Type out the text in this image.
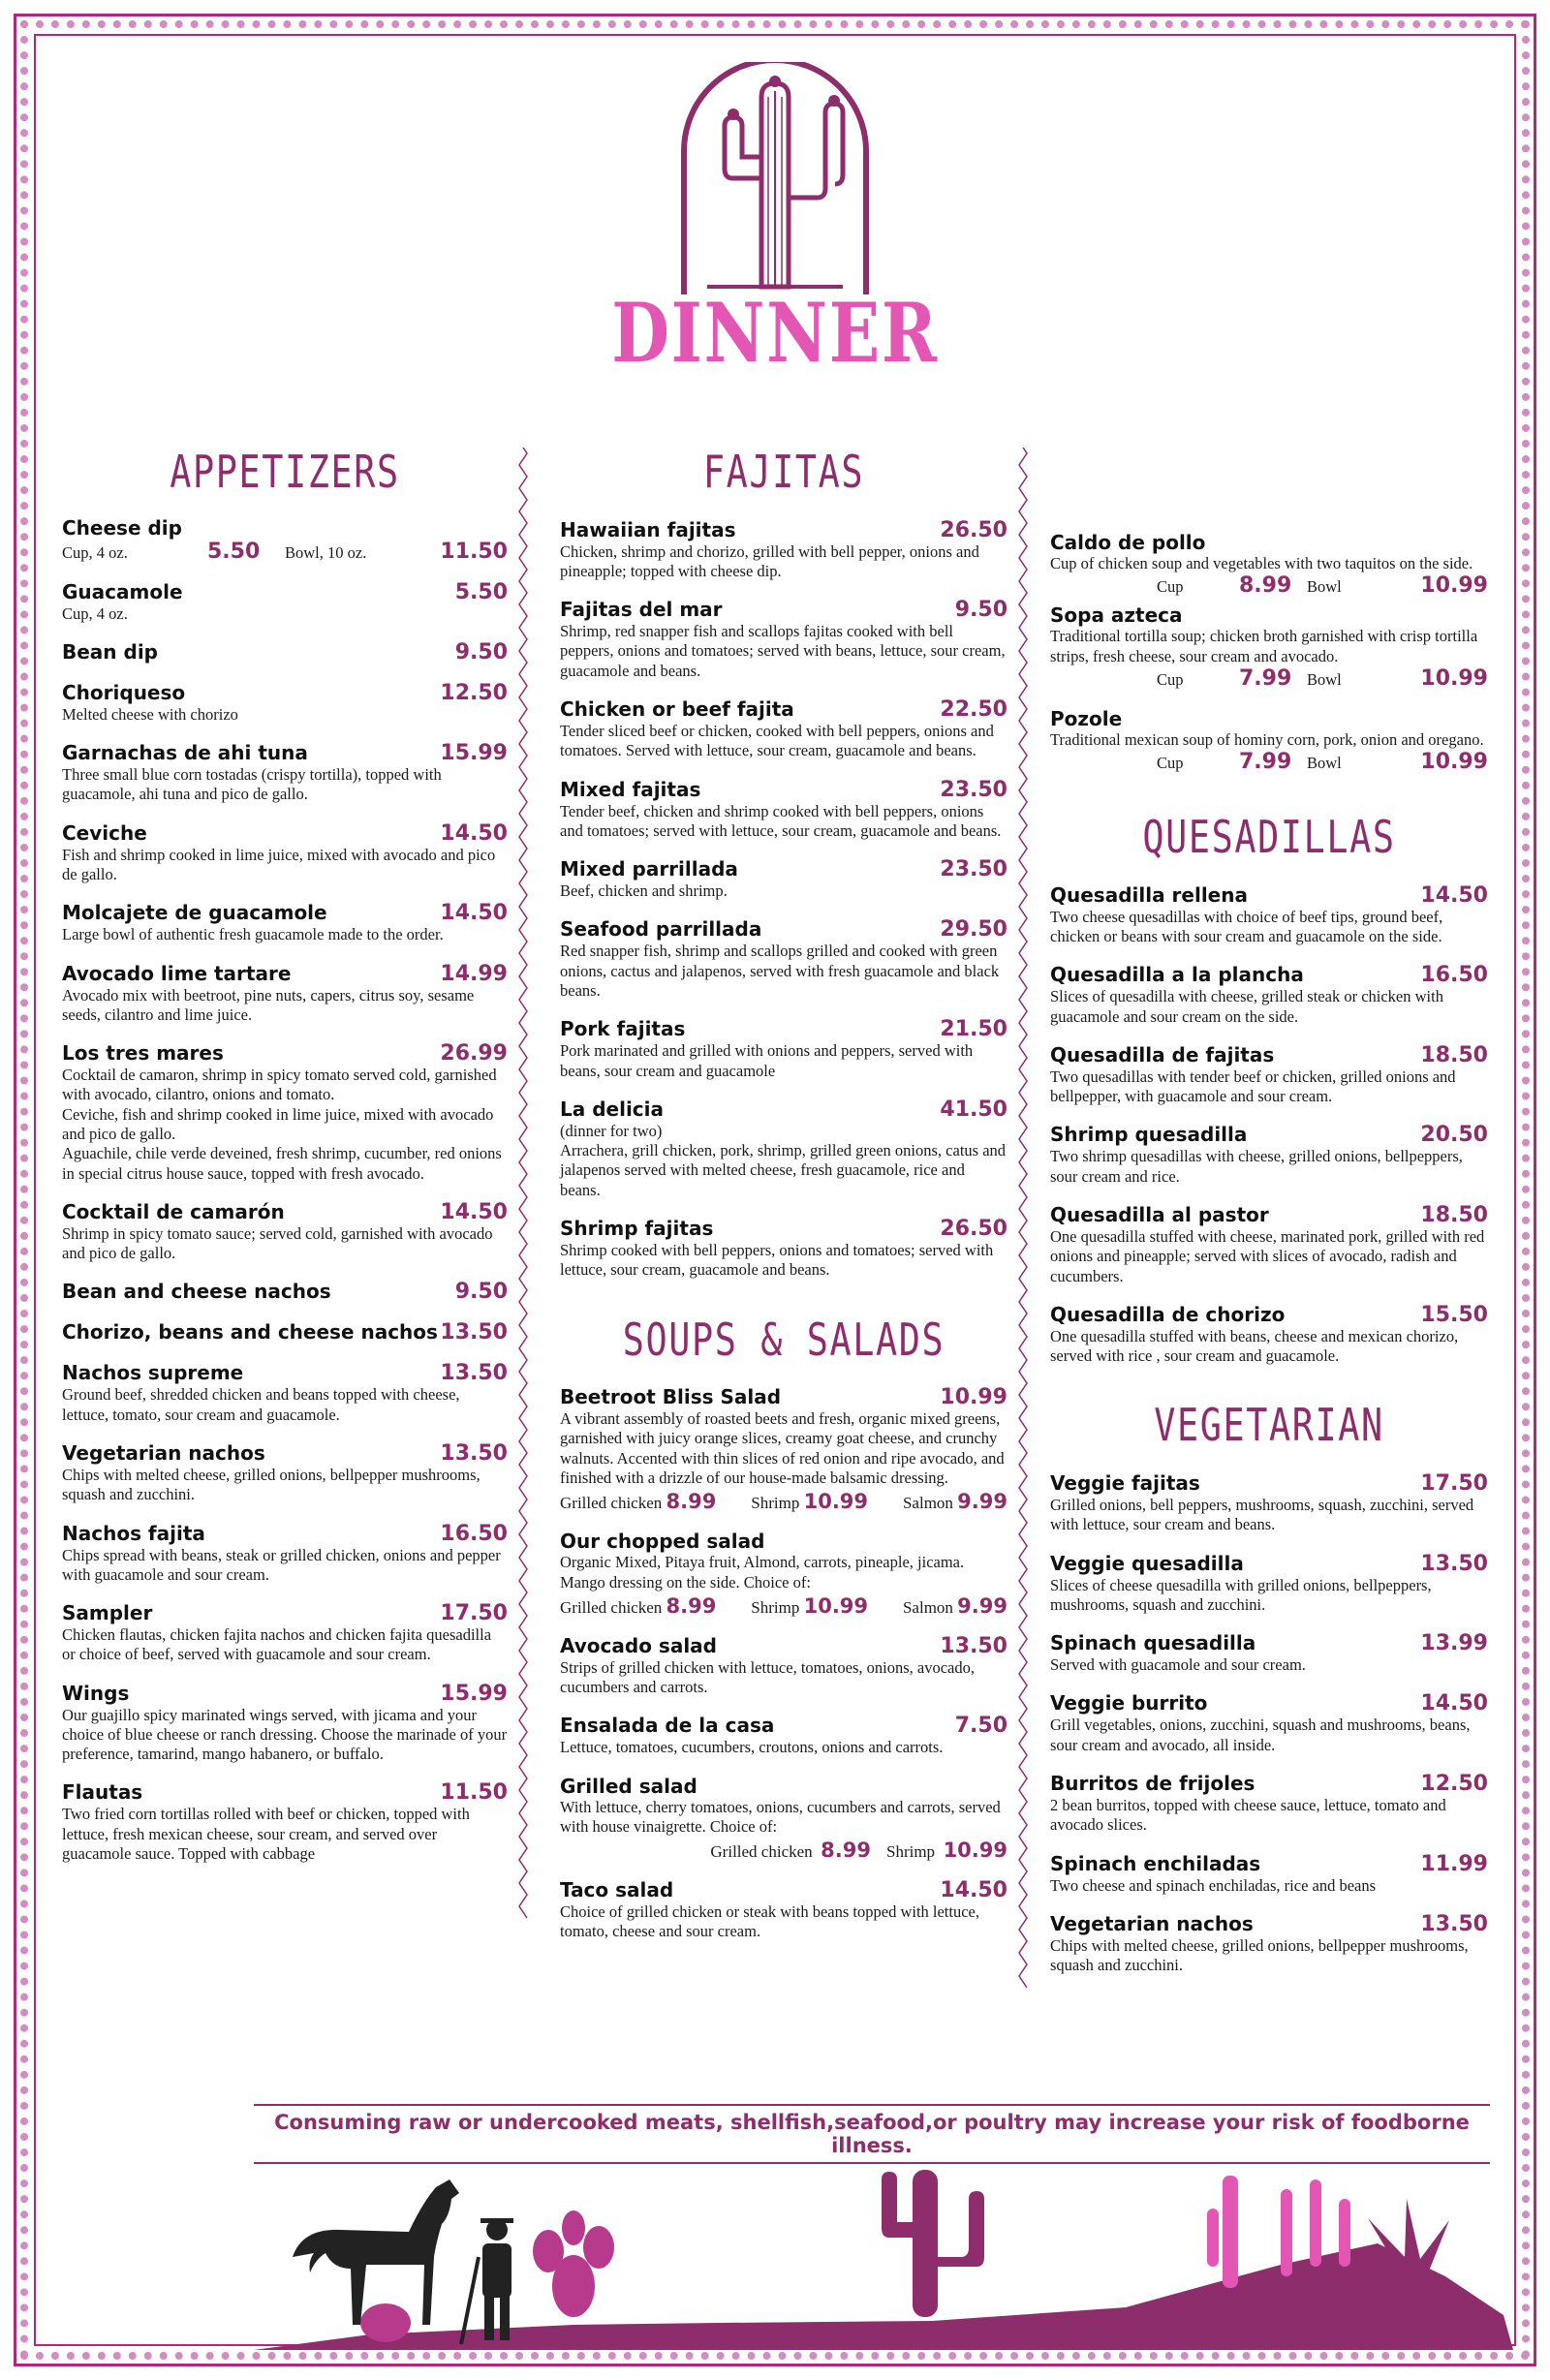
DINNER
APPETIZERS
Cheese dip
Cup, 4 oz.	5.50	Bowl, 10 oz.	11.50
Guacamole	5.50
Cup, 4 oz.
Bean dip	9.50
Choriqueso	12.50
Melted cheese with chorizo
Garnachas de ahi tuna	15.99
Three small blue corn tostadas (crispy tortilla), topped with guacamole, ahi tuna and pico de gallo.
Ceviche	14.50
Fish and shrimp cooked in lime juice, mixed with avocado and pico de gallo.
Molcajete de guacamole	14.50
Large bowl of authentic fresh guacamole made to the order.
Avocado lime tartare	14.99
Avocado mix with beetroot, pine nuts, capers, citrus soy, sesame seeds, cilantro and lime juice.
Los tres mares	26.99
Cocktail de camaron, shrimp in spicy tomato served cold, garnished with avocado, cilantro, onions and tomato.
Ceviche, fish and shrimp cooked in lime juice, mixed with avocado and pico de gallo.
Aguachile, chile verde deveined, fresh shrimp, cucumber, red onions in special citrus house sauce, topped with fresh avocado.
Cocktail de camarón	14.50
Shrimp in spicy tomato sauce; served cold, garnished with avocado and pico de gallo.
Bean and cheese nachos	9.50
Chorizo, beans and cheese nachos 13.50
Nachos supreme	13.50
Ground beef, shredded chicken and beans topped with cheese, lettuce, tomato, sour cream and guacamole.
Vegetarian nachos	13.50
Chips with melted cheese, grilled onions, bellpepper mushrooms, squash and zucchini.
Nachos fajita	16.50
Chips spread with beans, steak or grilled chicken, onions and pepper with guacamole and sour cream.
Sampler	17.50
Chicken flautas, chicken fajita nachos and chicken fajita quesadilla or choice of beef, served with guacamole and sour cream.
Wings	15.99
Our guajillo spicy marinated wings served, with jicama and your choice of blue cheese or ranch dressing. Choose the marinade of your preference, tamarind, mango habanero, or buffalo.
Flautas	11.50
Two fried corn tortillas rolled with beef or chicken, topped with lettuce, fresh mexican cheese, sour cream, and served over guacamole sauce. Topped with cabbage
FAJITAS
Hawaiian fajitas	26.50
Chicken, shrimp and chorizo, grilled with bell pepper, onions and pineapple; topped with cheese dip.
Fajitas del mar	9.50
Shrimp, red snapper fish and scallops fajitas cooked with bell peppers, onions and tomatoes; served with beans, lettuce, sour cream, guacamole and beans.
Chicken or beef fajita	22.50
Tender sliced beef or chicken, cooked with bell peppers, onions and tomatoes. Served with lettuce, sour cream, guacamole and beans.
Mixed fajitas	23.50
Tender beef, chicken and shrimp cooked with bell peppers, onions and tomatoes; served with lettuce, sour cream, guacamole and beans.
Mixed parrillada	23.50
Beef, chicken and shrimp.
Seafood parrillada	29.50
Red snapper fish, shrimp and scallops grilled and cooked with green onions, cactus and jalapenos, served with fresh guacamole and black beans.
Pork fajitas	21.50
Pork marinated and grilled with onions and peppers, served with beans, sour cream and guacamole
La delicia	41.50
(dinner for two)
Arrachera, grill chicken, pork, shrimp, grilled green onions, catus and jalapenos served with melted cheese, fresh guacamole, rice and beans.
Shrimp fajitas	26.50
Shrimp cooked with bell peppers, onions and tomatoes; served with lettuce, sour cream, guacamole and beans.
SOUPS & SALADS
Beetroot Bliss Salad	10.99
A vibrant assembly of roasted beets and fresh, organic mixed greens, garnished with juicy orange slices, creamy goat cheese, and crunchy walnuts. Accented with thin slices of red onion and ripe avocado, and finished with a drizzle of our house-made balsamic dressing.
Grilled chicken 8.99 Shrimp 10.99 Salmon 9.99
Our chopped salad
Organic Mixed, Pitaya fruit, Almond, carrots, pineaple, jicama. Mango dressing on the side. Choice of:
Grilled chicken 8.99 Shrimp 10.99 Salmon 9.99
Avocado salad	13.50
Strips of grilled chicken with lettuce, tomatoes, onions, avocado, cucumbers and carrots.
Ensalada de la casa	7.50
Lettuce, tomatoes, cucumbers, croutons, onions and carrots.
Grilled salad
With lettuce, cherry tomatoes, onions, cucumbers and carrots, served with house vinaigrette. Choice of:
Grilled chicken 8.99 Shrimp 10.99
Taco salad	14.50
Choice of grilled chicken or steak with beans topped with lettuce, tomato, cheese and sour cream.
Caldo de pollo
Cup of chicken soup and vegetables with two taquitos on the side.
Cup	8.99 Bowl	10.99
Sopa azteca
Traditional tortilla soup; chicken broth garnished with crisp tortilla strips, fresh cheese, sour cream and avocado.
Cup	7.99 Bowl	10.99
Pozole
Traditional mexican soup of hominy corn, pork, onion and oregano.
Cup	7.99 Bowl	10.99
QUESADILLAS
Quesadilla rellena	14.50
Two cheese quesadillas with choice of beef tips, ground beef, chicken or beans with sour cream and guacamole on the side.
Quesadilla a la plancha	16.50
Slices of quesadilla with cheese, grilled steak or chicken with guacamole and sour cream on the side.
Quesadilla de fajitas	18.50
Two quesadillas with tender beef or chicken, grilled onions and bellpepper, with guacamole and sour cream.
Shrimp quesadilla	20.50
Two shrimp quesadillas with cheese, grilled onions, bellpeppers, sour cream and rice.
Quesadilla al pastor	18.50
One quesadilla stuffed with cheese, marinated pork, grilled with red onions and pineapple; served with slices of avocado, radish and cucumbers.
Quesadilla de chorizo	15.50
One quesadilla stuffed with beans, cheese and mexican chorizo, served with rice , sour cream and guacamole.
VEGETARIAN
Veggie fajitas	17.50
Grilled onions, bell peppers, mushrooms, squash, zucchini, served with lettuce, sour cream and beans.
Veggie quesadilla	13.50
Slices of cheese quesadilla with grilled onions, bellpeppers, mushrooms, squash and zucchini.
Spinach quesadilla	13.99
Served with guacamole and sour cream.
Veggie burrito	14.50
Grill vegetables, onions, zucchini, squash and mushrooms, beans, sour cream and avocado, all inside.
Burritos de frijoles	12.50
2 bean burritos, topped with cheese sauce, lettuce, tomato and avocado slices.
Spinach enchiladas	11.99
Two cheese and spinach enchiladas, rice and beans
Vegetarian nachos	13.50
Chips with melted cheese, grilled onions, bellpepper mushrooms, squash and zucchini.
Consuming raw or undercooked meats, shellfish,seafood,or poultry may increase your risk of foodborne illness.
